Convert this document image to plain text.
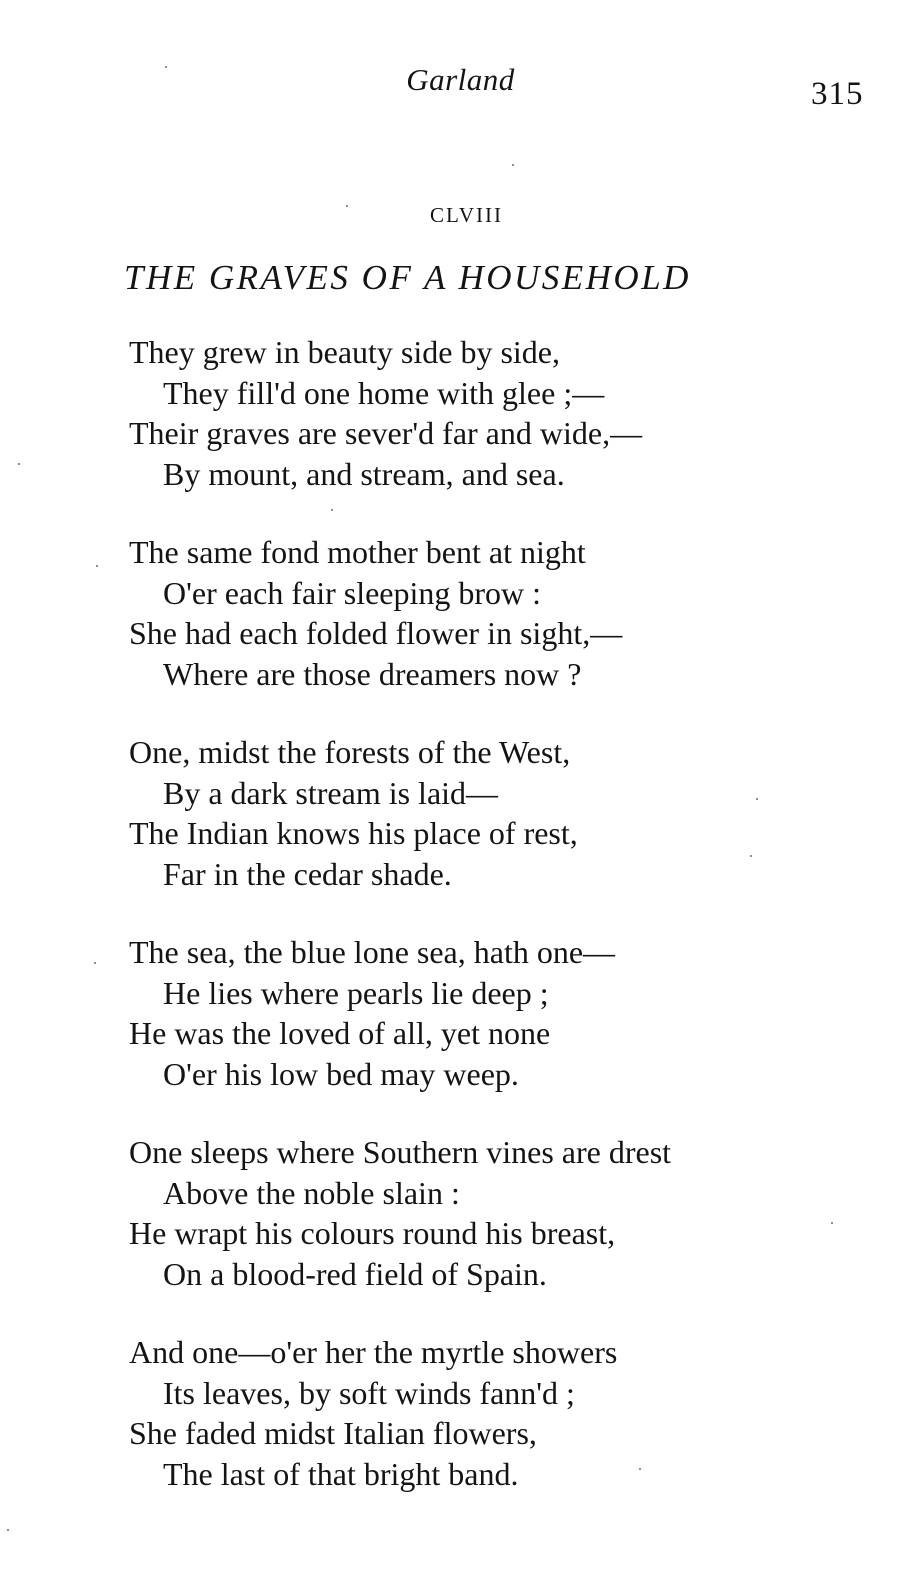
Garland	315
CLVIII
THE GRAVES OF A HOUSEHOLD
They grew in beauty side by side,
They fill'd one home with glee ;—
Their graves are sever'd far and wide,—
By mount, and stream, and sea.
The same fond mother bent at night
O'er each fair sleeping brow :
She had each folded flower in sight,—
Where are those dreamers now ?
One, midst the forests of the West,
By a dark stream is laid—
The Indian knows his place of rest,
Far in the cedar shade.
The sea, the blue lone sea, hath one—
He lies where pearls lie deep ;
He was the loved of all, yet none
O'er his low bed may weep.
One sleeps where Southern vines are drest
Above the noble slain :
He wrapt his colours round his breast,
On a blood-red field of Spain.
And one—o'er her the myrtle showers
Its leaves, by soft winds fann'd ;
She faded midst Italian flowers,
The last of that bright band.
